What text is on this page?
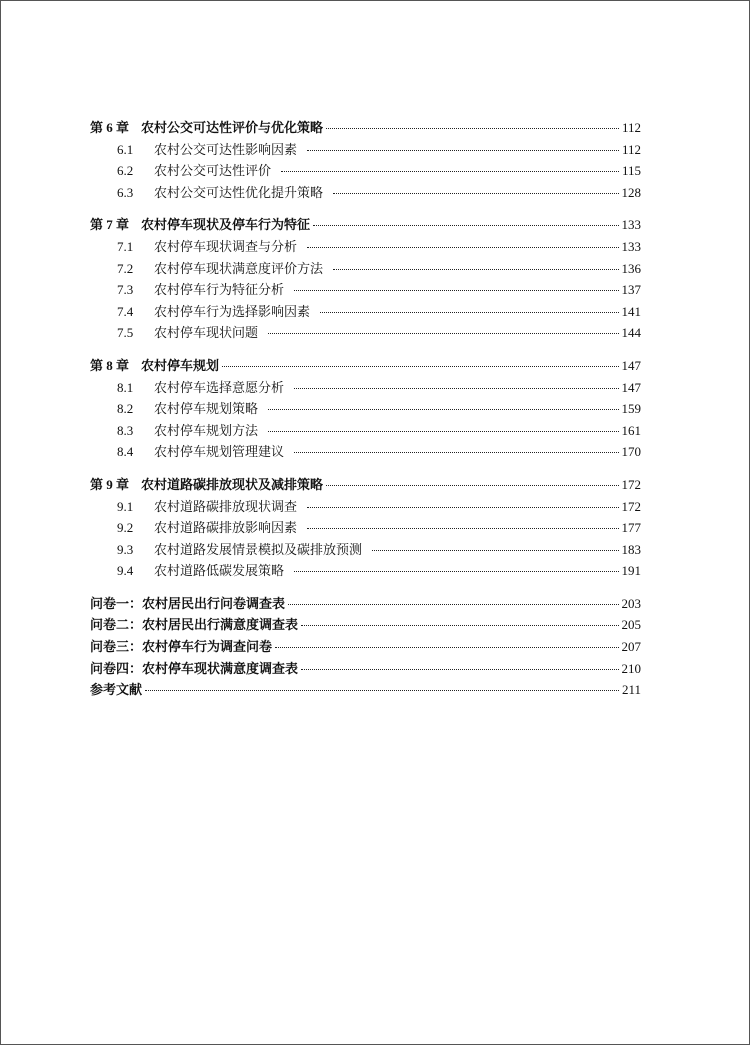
第 6 章 农村公交可达性评价与优化策略	112
6.1 农村公交可达性影响因素	112
6.2 农村公交可达性评价	115
6.3 农村公交可达性优化提升策略	128
第 7 章 农村停车现状及停车行为特征	133
7.1 农村停车现状调查与分析	133
7.2 农村停车现状满意度评价方法	136
7.3 农村停车行为特征分析	137
7.4 农村停车行为选择影响因素	141
7.5 农村停车现状问题	144
第 8 章 农村停车规划	147
8.1 农村停车选择意愿分析	147
8.2 农村停车规划策略	159
8.3 农村停车规划方法	161
8.4 农村停车规划管理建议	170
第 9 章 农村道路碳排放现状及减排策略	172
9.1 农村道路碳排放现状调查	172
9.2 农村道路碳排放影响因素	177
9.3 农村道路发展情景模拟及碳排放预测	183
9.4 农村道路低碳发展策略	191
问卷一：农村居民出行问卷调查表	203
问卷二：农村居民出行满意度调查表	205
问卷三：农村停车行为调查问卷	207
问卷四：农村停车现状满意度调查表	210
参考文献	211
